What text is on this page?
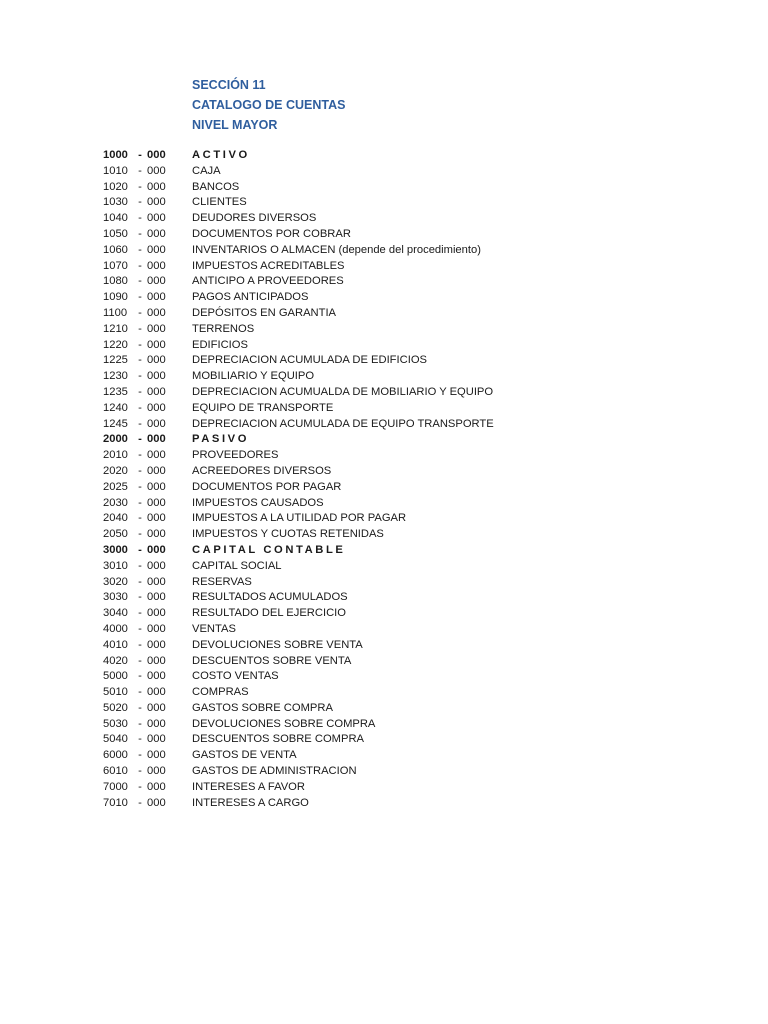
SECCIÓN 11
CATALOGO DE CUENTAS
NIVEL MAYOR
1000 - 000 ACTIVO
1010 - 000 CAJA
1020 - 000 BANCOS
1030 - 000 CLIENTES
1040 - 000 DEUDORES DIVERSOS
1050 - 000 DOCUMENTOS POR COBRAR
1060 - 000 INVENTARIOS O ALMACEN (depende del procedimiento)
1070 - 000 IMPUESTOS ACREDITABLES
1080 - 000 ANTICIPO A PROVEEDORES
1090 - 000 PAGOS ANTICIPADOS
1100 - 000 DEPÓSITOS EN GARANTIA
1210 - 000 TERRENOS
1220 - 000 EDIFICIOS
1225 - 000 DEPRECIACION ACUMULADA DE EDIFICIOS
1230 - 000 MOBILIARIO Y EQUIPO
1235 - 000 DEPRECIACION ACUMUALDA DE MOBILIARIO Y EQUIPO
1240 - 000 EQUIPO DE TRANSPORTE
1245 - 000 DEPRECIACION ACUMULADA DE EQUIPO TRANSPORTE
2000 - 000 PASIVO
2010 - 000 PROVEEDORES
2020 - 000 ACREEDORES DIVERSOS
2025 - 000 DOCUMENTOS POR PAGAR
2030 - 000 IMPUESTOS CAUSADOS
2040 - 000 IMPUESTOS A LA UTILIDAD POR PAGAR
2050 - 000 IMPUESTOS Y CUOTAS RETENIDAS
3000 - 000 CAPITAL CONTABLE
3010 - 000 CAPITAL SOCIAL
3020 - 000 RESERVAS
3030 - 000 RESULTADOS ACUMULADOS
3040 - 000 RESULTADO DEL EJERCICIO
4000 - 000 VENTAS
4010 - 000 DEVOLUCIONES SOBRE VENTA
4020 - 000 DESCUENTOS SOBRE VENTA
5000 - 000 COSTO VENTAS
5010 - 000 COMPRAS
5020 - 000 GASTOS SOBRE COMPRA
5030 - 000 DEVOLUCIONES SOBRE COMPRA
5040 - 000 DESCUENTOS SOBRE COMPRA
6000 - 000 GASTOS DE VENTA
6010 - 000 GASTOS DE ADMINISTRACION
7000 - 000 INTERESES A FAVOR
7010 - 000 INTERESES A CARGO
